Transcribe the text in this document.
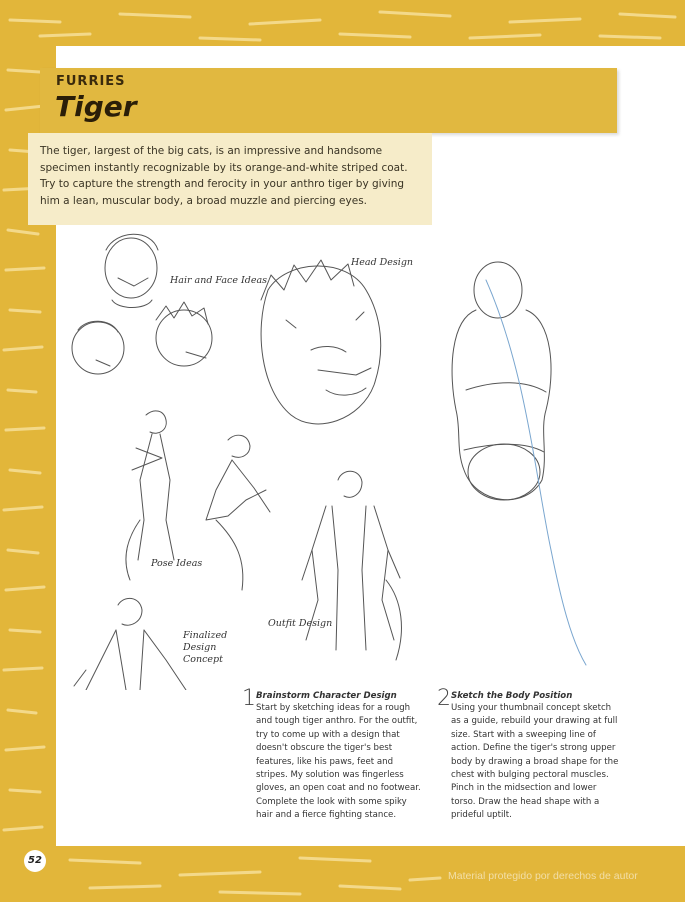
FURRIES
Tiger
The tiger, largest of the big cats, is an impressive and handsome specimen instantly recognizable by its orange-and-white striped coat. Try to capture the strength and ferocity in your anthro tiger by giving him a lean, muscular body, a broad muzzle and piercing eyes.
Hair and Face Ideas
Head Design
Pose Ideas
Outfit Design
Finalized
Design
Concept
1 Brainstorm Character Design

Start by sketching ideas for a rough and tough tiger anthro. For the outfit, try to come up with a design that doesn't obscure the tiger's best features, like his paws, feet and stripes. My solution was fingerless gloves, an open coat and no footwear. Complete the look with some spiky hair and a fierce fighting stance.

2 Sketch the Body Position

Using your thumbnail concept sketch as a guide, rebuild your drawing at full size. Start with a sweeping line of action. Define the tiger's strong upper body by drawing a broad shape for the chest with bulging pectoral muscles. Pinch in the midsection and lower torso. Draw the head shape with a prideful uptilt.

52
Material protegido por derechos de autor
